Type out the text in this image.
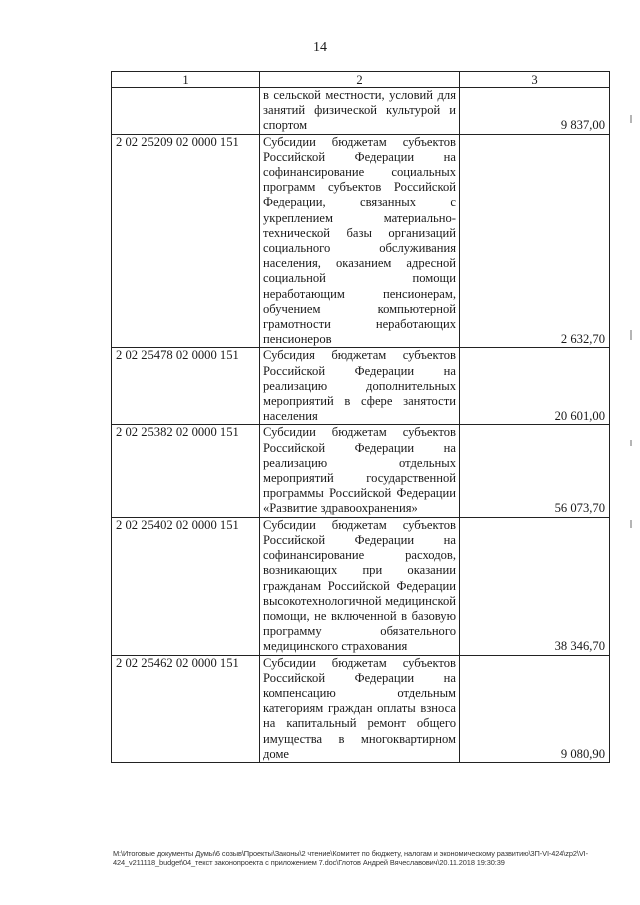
14
1	2	3
	в сельской местности, условий для занятий физической культурой и спортом	9 837,00
2 02 25209 02 0000 151	Субсидии бюджетам субъектов Российской Федерации на софинансирование социальных программ субъектов Российской Федерации, связанных с укреплением материально-технической базы организаций социального обслуживания населения, оказанием адресной социальной помощи неработающим пенсионерам, обучением компьютерной грамотности неработающих пенсионеров	2 632,70
2 02 25478 02 0000 151	Субсидия бюджетам субъектов Российской Федерации на реализацию дополнительных мероприятий в сфере занятости населения	20 601,00
2 02 25382 02 0000 151	Субсидии бюджетам субъектов Российской Федерации на реализацию отдельных мероприятий государственной программы Российской Федерации «Развитие здравоохранения»	56 073,70
2 02 25402 02 0000 151	Субсидии бюджетам субъектов Российской Федерации на софинансирование расходов, возникающих при оказании гражданам Российской Федерации высокотехнологичной медицинской помощи, не включенной в базовую программу обязательного медицинского страхования	38 346,70
2 02 25462 02 0000 151	Субсидии бюджетам субъектов Российской Федерации на компенсацию отдельным категориям граждан оплаты взноса на капитальный ремонт общего имущества в многоквартирном доме	9 080,90
М:\Итоговые документы Думы\6 созыв\Проекты\Законы\2 чтение\Комитет по бюджету, налогам и экономическому развитию\3П-VI-424\zp2\VI-424_v211118_budget\04_текст законопроекта с приложением 7.doc\Глотов Андрей Вячеславович\20.11.2018 19:30:39
